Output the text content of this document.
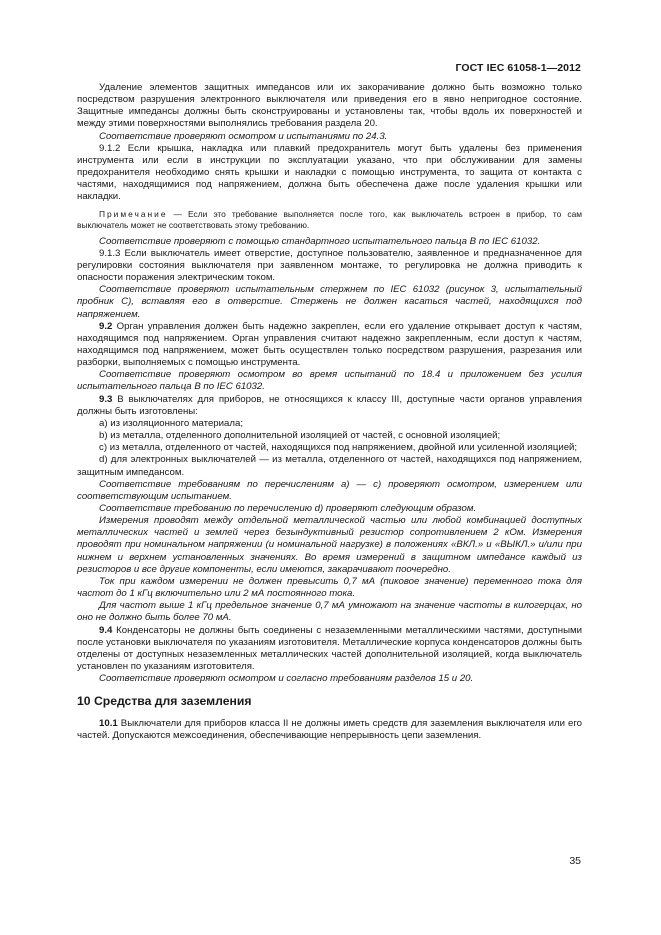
ГОСТ IEC 61058-1—2012

Удаление элементов защитных импедансов или их закорачивание должно быть возможно только посредством разрушения электронного выключателя или приведения его в явно непригодное состояние. Защитные импедансы должны быть сконструированы и установлены так, чтобы вдоль их поверхностей и между этими поверхностями выполнялись требования раздела 20.

Соответствие проверяют осмотром и испытаниями по 24.3.

9.1.2 Если крышка, накладка или плавкий предохранитель могут быть удалены без применения инструмента или если в инструкции по эксплуатации указано, что при обслуживании для замены предохранителя необходимо снять крышки и накладки с помощью инструмента, то защита от контакта с частями, находящимися под напряжением, должна быть обеспечена даже после удаления крышки или накладки.

Примечание — Если это требование выполняется после того, как выключатель встроен в прибор, то сам выключатель может не соответствовать этому требованию.

Соответствие проверяют с помощью стандартного испытательного пальца B по IEC 61032.

9.1.3 Если выключатель имеет отверстие, доступное пользователю, заявленное и предназначенное для регулировки состояния выключателя при заявленном монтаже, то регулировка не должна приводить к опасности поражения электрическим током.

Соответствие проверяют испытательным стержнем по IEC 61032 (рисунок 3, испытательный пробник C), вставляя его в отверстие. Стержень не должен касаться частей, находящихся под напряжением.

9.2 Орган управления должен быть надежно закреплен, если его удаление открывает доступ к частям, находящимся под напряжением. Орган управления считают надежно закрепленным, если доступ к частям, находящимся под напряжением, может быть осуществлен только посредством разрушения, разрезания или разборки, выполняемых с помощью инструмента.

Соответствие проверяют осмотром во время испытаний по 18.4 и приложением без усилия испытательного пальца B по IEC 61032.

9.3 В выключателях для приборов, не относящихся к классу III, доступные части органов управления должны быть изготовлены:

a) из изоляционного материала;

b) из металла, отделенного дополнительной изоляцией от частей, с основной изоляцией;

c) из металла, отделенного от частей, находящихся под напряжением, двойной или усиленной изоляцией;

d) для электронных выключателей — из металла, отделенного от частей, находящихся под напряжением, защитным импедансом.

Соответствие требованиям по перечислениям a) — c) проверяют осмотром, измерением или соответствующим испытанием.

Соответствие требованию по перечислению d) проверяют следующим образом.

Измерения проводят между отдельной металлической частью или любой комбинацией доступных металлических частей и землей через безындуктивный резистор сопротивлением 2 кОм. Измерения проводят при номинальном напряжении (и номинальной нагрузке) в положениях «ВКЛ.» и «ВЫКЛ.» и/или при нижнем и верхнем установленных значениях. Во время измерений в защитном импедансе каждый из резисторов и все другие компоненты, если имеются, закарачивают поочередно.

Ток при каждом измерении не должен превысить 0,7 мА (пиковое значение) переменного тока для частот до 1 кГц включительно или 2 мА постоянного тока.

Для частот выше 1 кГц предельное значение 0,7 мА умножают на значение частоты в килогерцах, но оно не должно быть более 70 мА.

9.4 Конденсаторы не должны быть соединены с незаземленными металлическими частями, доступными после установки выключателя по указаниям изготовителя. Металлические корпуса конденсаторов должны быть отделены от доступных незаземленных металлических частей дополнительной изоляцией, когда выключатель установлен по указаниям изготовителя.

Соответствие проверяют осмотром и согласно требованиям разделов 15 и 20.

10 Средства для заземления

10.1 Выключатели для приборов класса II не должны иметь средств для заземления выключателя или его частей. Допускаются межсоединения, обеспечивающие непрерывность цепи заземления.

35
